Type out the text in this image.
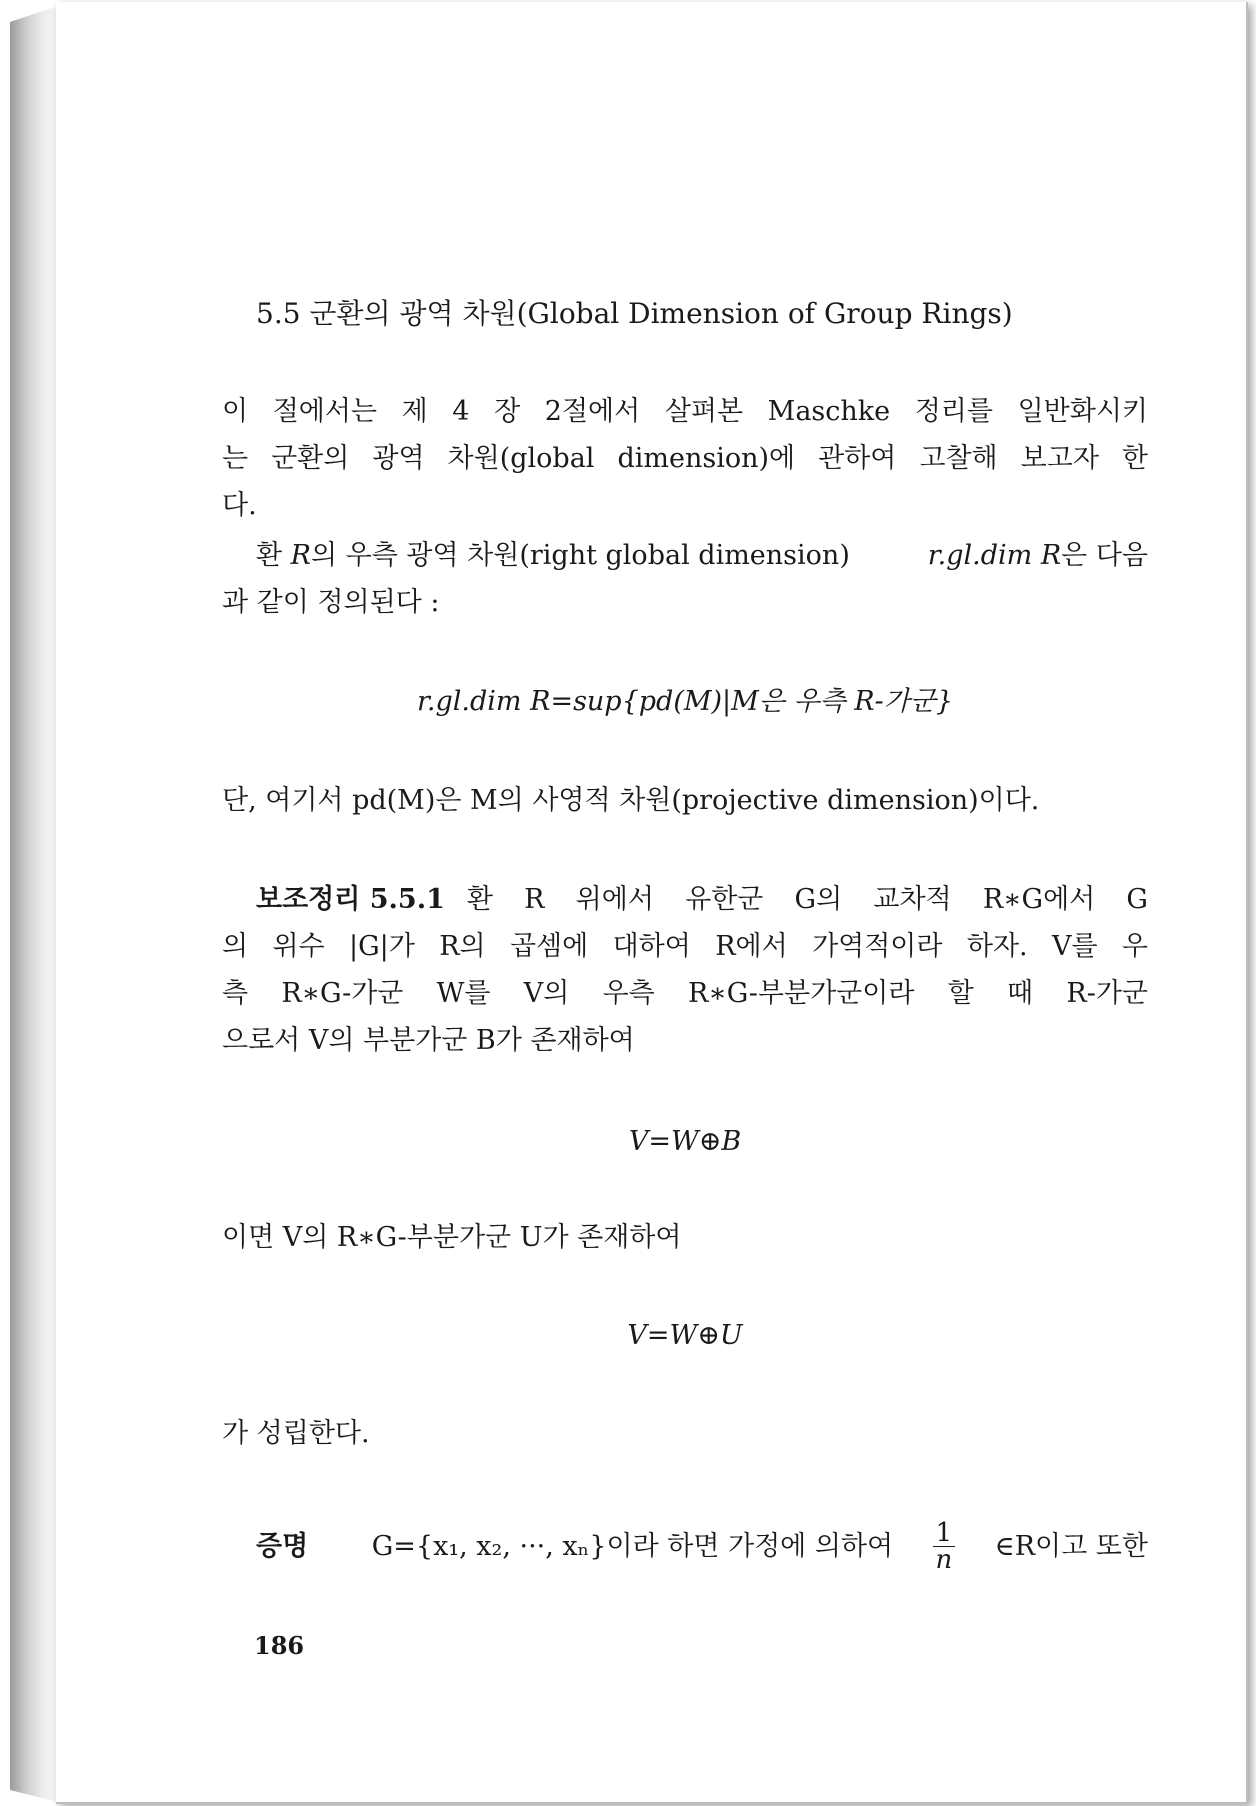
5.5 군환의 광역 차원(Global Dimension of Group Rings)
이 절에서는 제 4 장 2절에서 살펴본 Maschke 정리를 일반화시키
는 군환의 광역 차원(global dimension)에 관하여 고찰해 보고자 한
다.
환 R의 우측 광역 차원(right global dimension)	r.gl.dim R은 다음
과 같이 정의된다 :
r.gl.dim R=sup{pd(M)|M은 우측 R-가군}
단, 여기서 pd(M)은 M의 사영적 차원(projective dimension)이다.
보조정리 5.5.1 환 R 위에서 유한군 G의 교차적 R∗G에서 G
의 위수 |G|가 R의 곱셈에 대하여 R에서 가역적이라 하자. V를 우
측 R∗G-가군 W를 V의 우측 R∗G-부분가군이라 할 때 R-가군
으로서 V의 부분가군 B가 존재하여
V=W⊕B
이면 V의 R∗G-부분가군 U가 존재하여
V=W⊕U
가 성립한다.
증명 G={x₁, x₂, ···, xₙ}이라 하면 가정에 의하여 $\frac{1}{n}$ ∈R이고 또한
186
